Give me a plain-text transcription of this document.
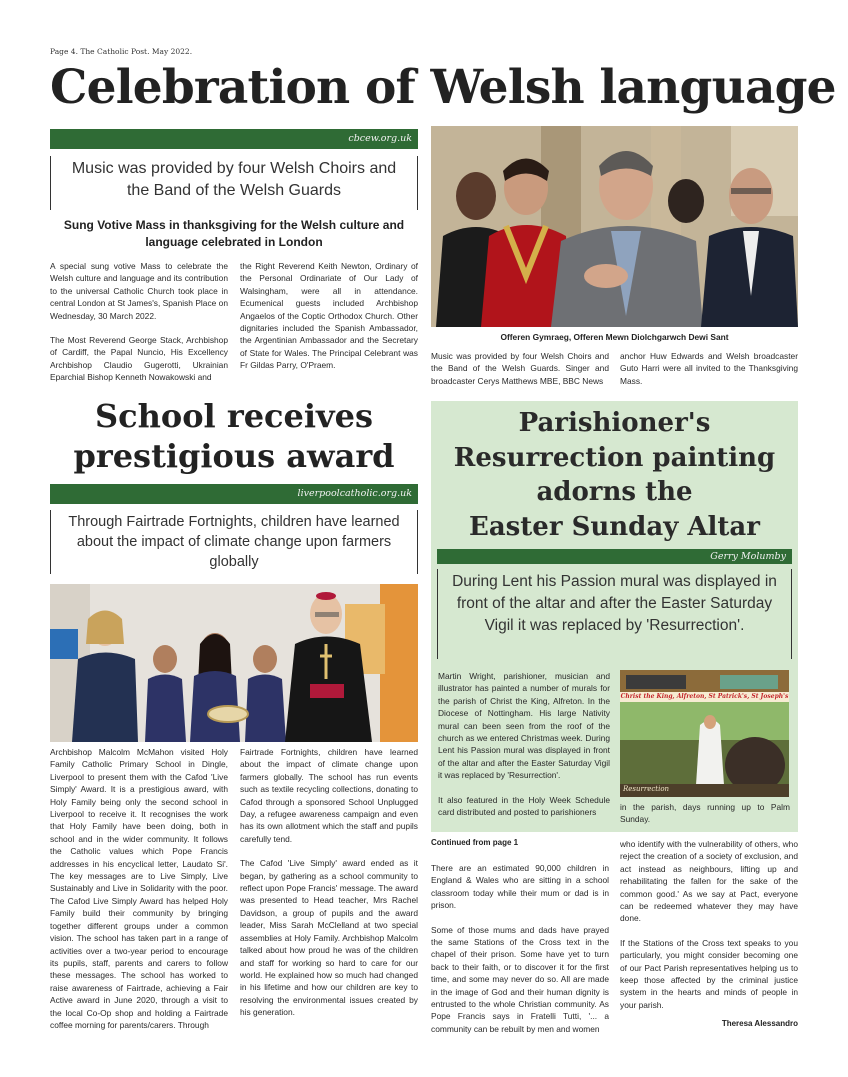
Page 4. The Catholic Post. May 2022.
Celebration of Welsh language
cbcew.org.uk
Music was provided by four Welsh Choirs and the Band of the Welsh Guards
Sung Votive Mass in thanksgiving for the Welsh culture and language celebrated in London

A special sung votive Mass to celebrate the Welsh culture and language and its contribution to the universal Catholic Church took place in central London at St James's, Spanish Place on Wednesday, 30 March 2022.

The Most Reverend George Stack, Archbishop of Cardiff, the Papal Nuncio, His Excellency Archbishop Claudio Gugerotti, Ukrainian Eparchial Bishop Kenneth Nowakowski and

the Right Reverend Keith Newton, Ordinary of the Personal Ordinariate of Our Lady of Walsingham, were all in attendance. Ecumenical guests included Archbishop Angaelos of the Coptic Orthodox Church. Other dignitaries included the Spanish Ambassador, the Argentinian Ambassador and the Secretary of State for Wales. The Principal Celebrant was Fr Gildas Parry, O'Praem.

Offeren Gymraeg, Offeren Mewn Diolchgarwch Dewi Sant

Music was provided by four Welsh Choirs and the Band of the Welsh Guards. Singer and broadcaster Cerys Matthews MBE, BBC News

anchor Huw Edwards and Welsh broadcaster Guto Harri were all invited to the Thanksgiving Mass.

School receives
prestigious award
liverpoolcatholic.org.uk
Through Fairtrade Fortnights, children have learned about the impact of climate change upon farmers globally

Archbishop Malcolm McMahon visited Holy Family Catholic Primary School in Dingle, Liverpool to present them with the Cafod 'Live Simply' Award. It is a prestigious award, with Holy Family being only the second school in Liverpool to receive it. It recognises the work that Holy Family have been doing, both in school and in the wider community. It follows the Catholic values which Pope Francis addresses in his encyclical letter, Laudato Si'. The key messages are to Live Simply, Live Sustainably and Live in Solidarity with the poor. The Cafod Live Simply Award has helped Holy Family build their community by bringing together different groups under a common vision. The school has taken part in a range of activities over a two-year period to encourage its pupils, staff, parents and carers to follow these messages. The school has worked to raise awareness of Fairtrade, achieving a Fair Active award in June 2020, through a visit to the local Co-Op shop and holding a Fairtrade coffee morning for parents/carers. Through

Fairtrade Fortnights, children have learned about the impact of climate change upon farmers globally. The school has run events such as textile recycling collections, donating to Cafod through a sponsored School Unplugged Day, a refugee awareness campaign and even has its own allotment which the staff and pupils carefully tend.

The Cafod 'Live Simply' award ended as it began, by gathering as a school community to reflect upon Pope Francis' message. The award was presented to Head teacher, Mrs Rachel Davidson, a group of pupils and the award leader, Miss Sarah McClelland at two special assemblies at Holy Family. Archbishop Malcolm talked about how proud he was of the children and staff for working so hard to care for our world. He explained how so much had changed in his lifetime and how our children are key to resolving the environmental issues created by his generation.

Parishioner's
Resurrection painting
adorns the
Easter Sunday Altar
Gerry Molumby
During Lent his Passion mural was displayed in front of the altar and after the Easter Saturday Vigil it was replaced by 'Resurrection'.

Martin Wright, parishioner, musician and illustrator has painted a number of murals for the parish of Christ the King, Alfreton. In the Diocese of Nottingham. His large Nativity mural can been seen from the roof of the church as we entered Christmas week. During Lent his Passion mural was displayed in front of the altar and after the Easter Saturday Vigil it was replaced by 'Resurrection'.

It also featured in the Holy Week Schedule card distributed and posted to parishioners

Christ the King, Alfreton, St Patrick's, St Joseph's
Resurrection

in the parish, days running up to Palm Sunday.

Continued from page 1

There are an estimated 90,000 children in England & Wales who are sitting in a school classroom today while their mum or dad is in prison.

Some of those mums and dads have prayed the same Stations of the Cross text in the chapel of their prison. Some have yet to turn back to their faith, or to discover it for the first time, and some may never do so. All are made in the image of God and their human dignity is entrusted to the whole Christian community. As Pope Francis says in Fratelli Tutti, '... a community can be rebuilt by men and women

who identify with the vulnerability of others, who reject the creation of a society of exclusion, and act instead as neighbours, lifting up and rehabilitating the fallen for the sake of the common good.' As we say at Pact, everyone can be redeemed whatever they may have done.

If the Stations of the Cross text speaks to you particularly, you might consider becoming one of our Pact Parish representatives helping us to keep those affected by the criminal justice system in the hearts and minds of people in your parish.

Theresa Alessandro
